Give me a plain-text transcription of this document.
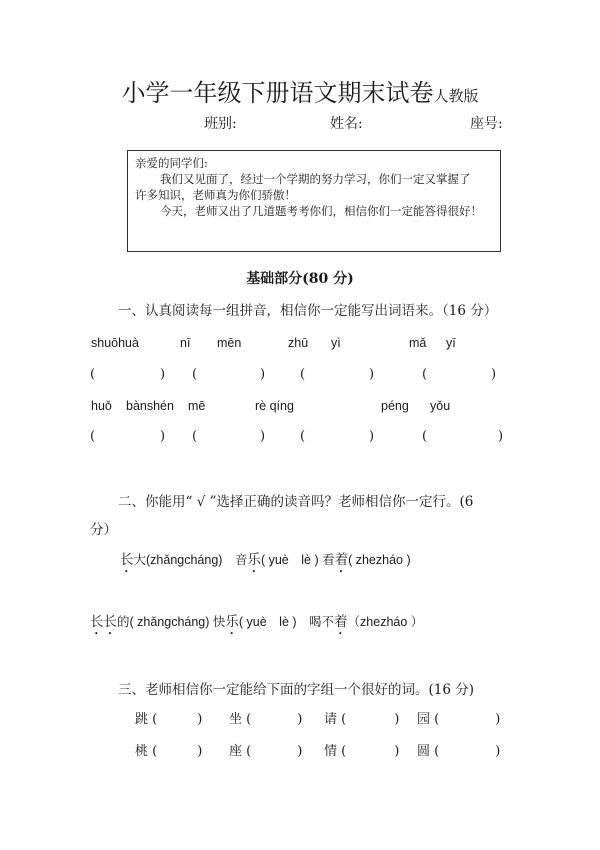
小学一年级下册语文期末试卷人教版
班别:	姓名:	座号:

亲爱的同学们:

我们又见面了，经过一个学期的努力学习，你们一定又掌握了

许多知识，老师真为你们骄傲！

今天，老师又出了几道题考考你们，相信你们一定能答得很好！

基础部分(80 分)
一、认真阅读每一组拼音，相信你一定能写出词语来。（16 分）
shuōhuà	nī mēn	zhū yì	mǎ yī
(	) (	)	(	)	(	)
huǒ bànshén mē	rè qíng	péng yǒu
(	) (	)	(	)	(	)
二、你能用“ √ ”选择正确的读音吗？老师相信你一定行。(6
分）
长大(zhǎngcháng)　音乐( yuè　lè ) 看着( zhezháo )
长长的( zhǎngcháng) 快乐( yuè　lè )　喝不着（zhezháo ）
三、老师相信你一定能给下面的字组一个很好的词。(16 分)
跳 (	) 坐 (	) 请 (	) 园 (	)
桃 (	) 座 (	) 情 (	) 圆 (	)
